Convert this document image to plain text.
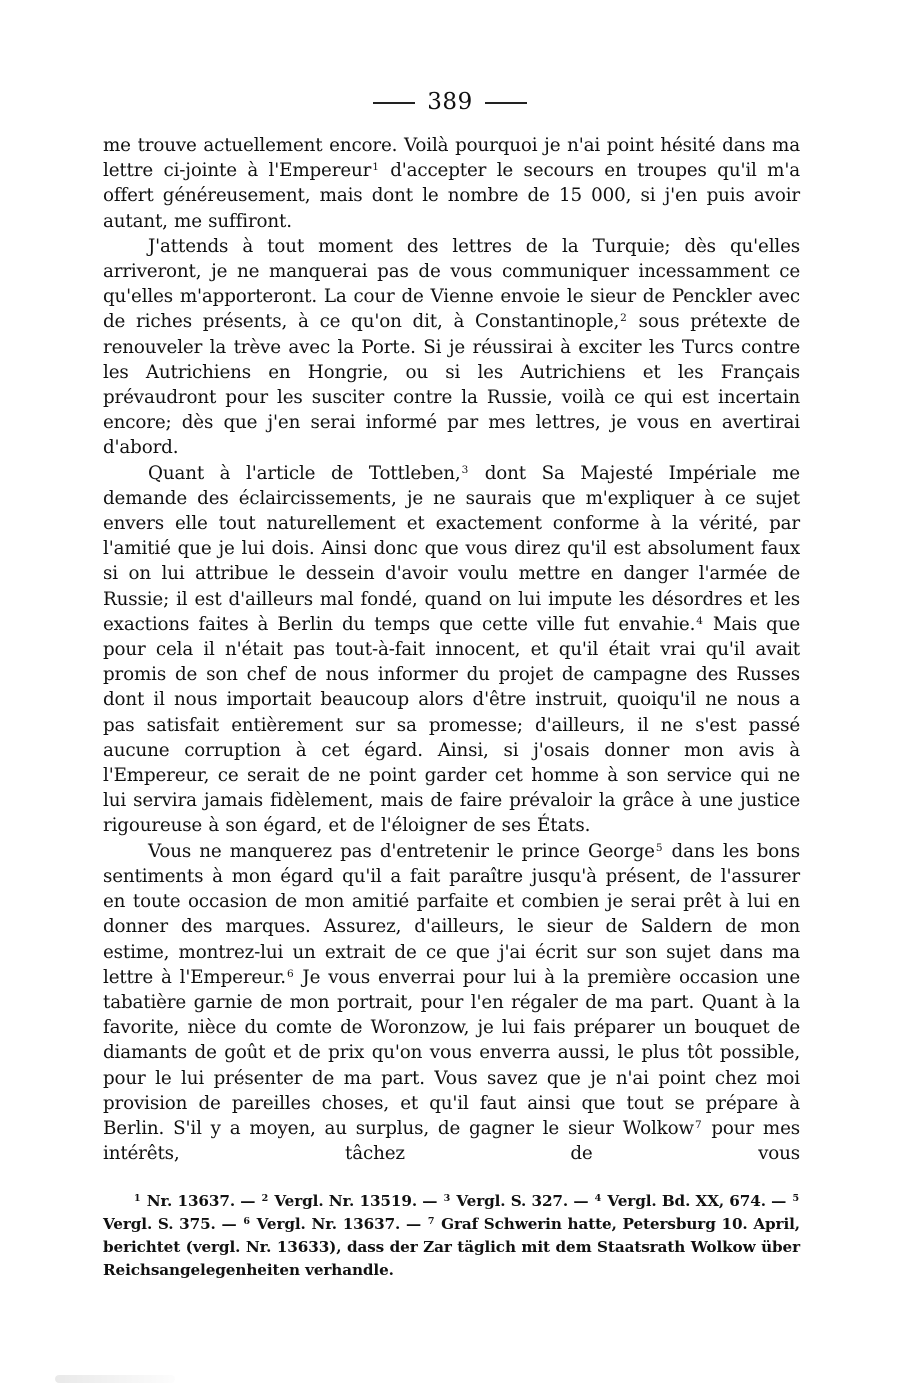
389

me trouve actuellement encore. Voilà pourquoi je n'ai point hésité dans ma lettre ci-jointe à l'Empereur$^1$ d'accepter le secours en troupes qu'il m'a offert généreusement, mais dont le nombre de 15 000, si j'en puis avoir autant, me suffiront.

J'attends à tout moment des lettres de la Turquie; dès qu'elles arriveront, je ne manquerai pas de vous communiquer incessamment ce qu'elles m'apporteront. La cour de Vienne envoie le sieur de Penckler avec de riches présents, à ce qu'on dit, à Constantinople,$^2$ sous prétexte de renouveler la trève avec la Porte. Si je réussirai à exciter les Turcs contre les Autrichiens en Hongrie, ou si les Autrichiens et les Français prévaudront pour les susciter contre la Russie, voilà ce qui est incertain encore; dès que j'en serai informé par mes lettres, je vous en avertirai d'abord.

Quant à l'article de Tottleben,$^3$ dont Sa Majesté Impériale me demande des éclaircissements, je ne saurais que m'expliquer à ce sujet envers elle tout naturellement et exactement conforme à la vérité, par l'amitié que je lui dois. Ainsi donc que vous direz qu'il est absolument faux si on lui attribue le dessein d'avoir voulu mettre en danger l'armée de Russie; il est d'ailleurs mal fondé, quand on lui impute les désordres et les exactions faites à Berlin du temps que cette ville fut envahie.$^4$ Mais que pour cela il n'était pas tout-à-fait innocent, et qu'il était vrai qu'il avait promis de son chef de nous informer du projet de campagne des Russes dont il nous importait beaucoup alors d'être instruit, quoiqu'il ne nous a pas satisfait entièrement sur sa promesse; d'ailleurs, il ne s'est passé aucune corruption à cet égard. Ainsi, si j'osais donner mon avis à l'Empereur, ce serait de ne point garder cet homme à son service qui ne lui servira jamais fidèlement, mais de faire prévaloir la grâce à une justice rigoureuse à son égard, et de l'éloigner de ses États.

Vous ne manquerez pas d'entretenir le prince George$^5$ dans les bons sentiments à mon égard qu'il a fait paraître jusqu'à présent, de l'assurer en toute occasion de mon amitié parfaite et combien je serai prêt à lui en donner des marques. Assurez, d'ailleurs, le sieur de Saldern de mon estime, montrez-lui un extrait de ce que j'ai écrit sur son sujet dans ma lettre à l'Empereur.$^6$ Je vous enverrai pour lui à la première occasion une tabatière garnie de mon portrait, pour l'en régaler de ma part. Quant à la favorite, nièce du comte de Woronzow, je lui fais préparer un bouquet de diamants de goût et de prix qu'on vous enverra aussi, le plus tôt possible, pour le lui présenter de ma part. Vous savez que je n'ai point chez moi provision de pareilles choses, et qu'il faut ainsi que tout se prépare à Berlin. S'il y a moyen, au surplus, de gagner le sieur Wolkow$^7$ pour mes intérêts, tâchez de vous

$^1$ Nr. 13637. — $^2$ Vergl. Nr. 13519. — $^3$ Vergl. S. 327. — $^4$ Vergl. Bd. XX, 674. — $^5$ Vergl. S. 375. — $^6$ Vergl. Nr. 13637. — $^7$ Graf Schwerin hatte, Petersburg 10. April, berichtet (vergl. Nr. 13633), dass der Zar täglich mit dem Staatsrath Wolkow über Reichsangelegenheiten verhandle.
